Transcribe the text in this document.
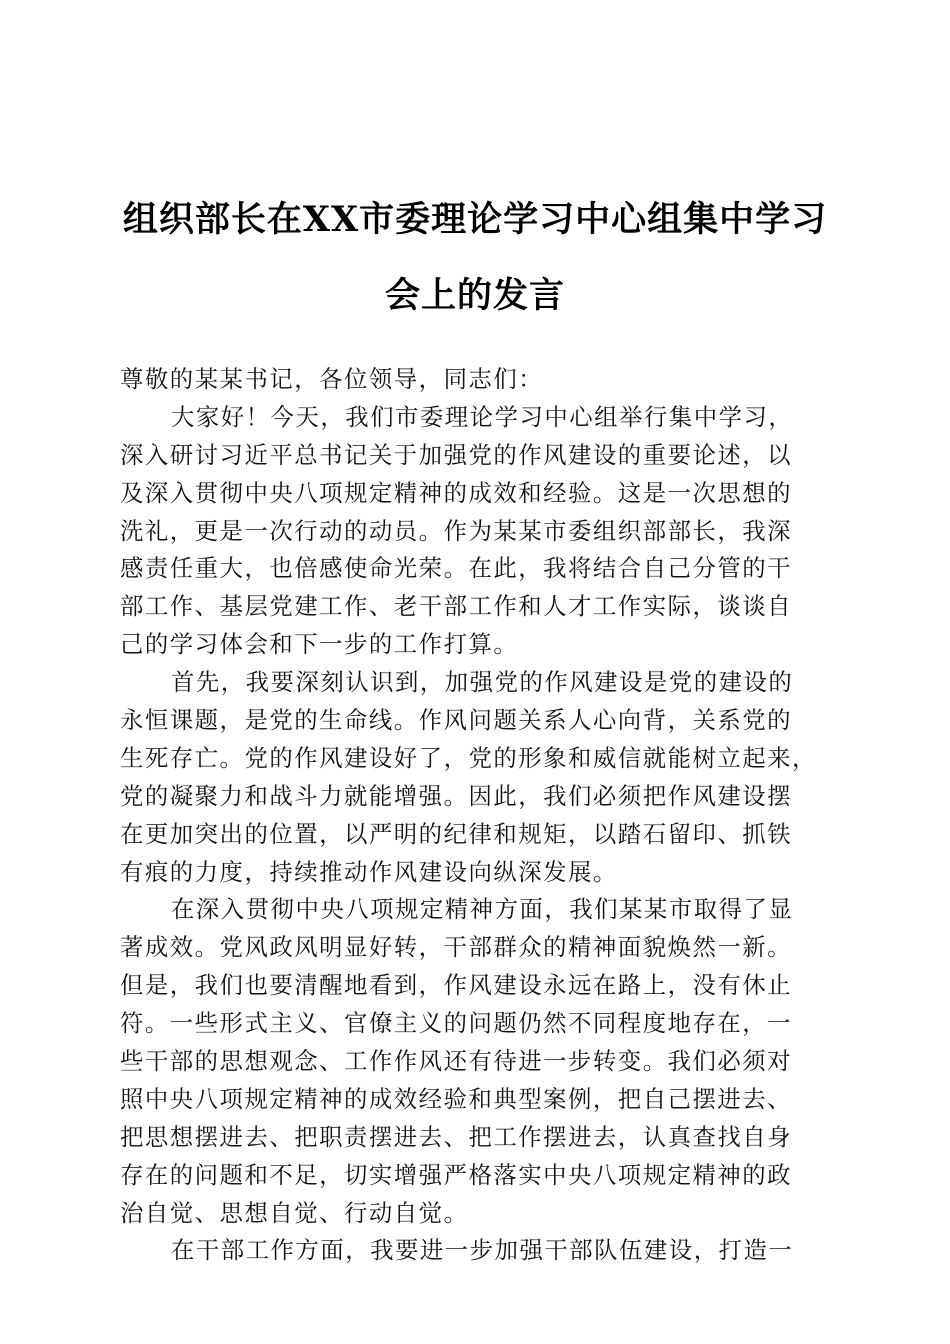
组织部长在XX市委理论学习中心组集中学习
会上的发言
尊敬的某某书记，各位领导，同志们：
大家好！今天，我们市委理论学习中心组举行集中学习，
深入研讨习近平总书记关于加强党的作风建设的重要论述，以
及深入贯彻中央八项规定精神的成效和经验。这是一次思想的
洗礼，更是一次行动的动员。作为某某市委组织部部长，我深
感责任重大，也倍感使命光荣。在此，我将结合自己分管的干
部工作、基层党建工作、老干部工作和人才工作实际，谈谈自
己的学习体会和下一步的工作打算。
首先，我要深刻认识到，加强党的作风建设是党的建设的
永恒课题，是党的生命线。作风问题关系人心向背，关系党的
生死存亡。党的作风建设好了，党的形象和威信就能树立起来，
党的凝聚力和战斗力就能增强。因此，我们必须把作风建设摆
在更加突出的位置，以严明的纪律和规矩，以踏石留印、抓铁
有痕的力度，持续推动作风建设向纵深发展。
在深入贯彻中央八项规定精神方面，我们某某市取得了显
著成效。党风政风明显好转，干部群众的精神面貌焕然一新。
但是，我们也要清醒地看到，作风建设永远在路上，没有休止
符。一些形式主义、官僚主义的问题仍然不同程度地存在，一
些干部的思想观念、工作作风还有待进一步转变。我们必须对
照中央八项规定精神的成效经验和典型案例，把自己摆进去、
把思想摆进去、把职责摆进去、把工作摆进去，认真查找自身
存在的问题和不足，切实增强严格落实中央八项规定精神的政
治自觉、思想自觉、行动自觉。
在干部工作方面，我要进一步加强干部队伍建设，打造一
